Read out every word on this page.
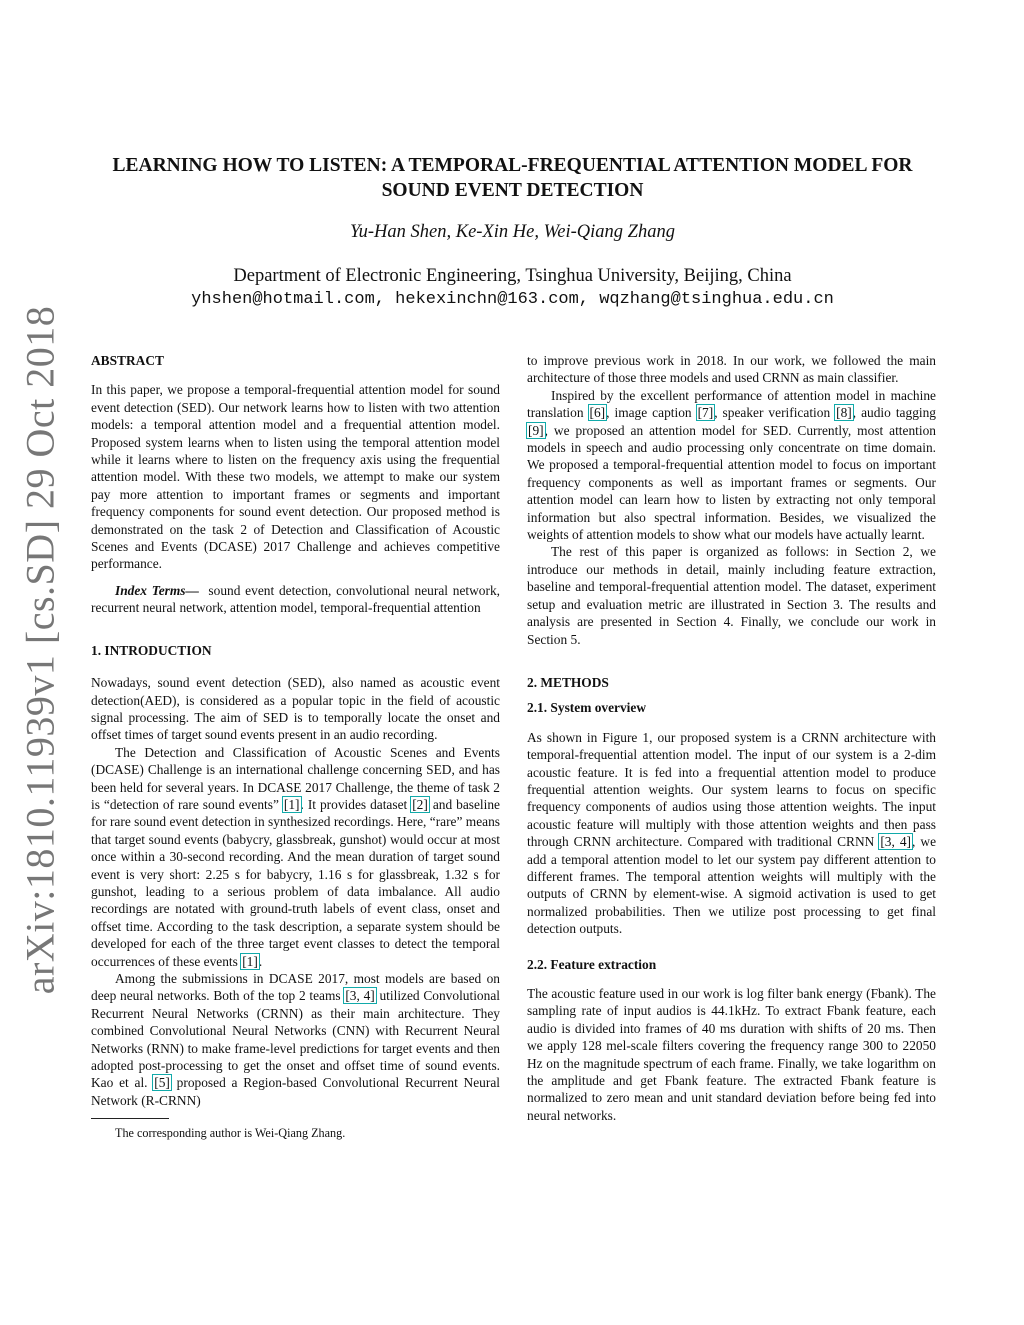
arXiv:1810.11939v1 [cs.SD] 29 Oct 2018
LEARNING HOW TO LISTEN: A TEMPORAL-FREQUENTIAL ATTENTION MODEL FOR SOUND EVENT DETECTION
Yu-Han Shen, Ke-Xin He, Wei-Qiang Zhang
Department of Electronic Engineering, Tsinghua University, Beijing, China
yhshen@hotmail.com, hekexinchn@163.com, wqzhang@tsinghua.edu.cn

ABSTRACT

In this paper, we propose a temporal-frequential attention model for sound event detection (SED). Our network learns how to listen with two attention models: a temporal attention model and a frequential attention model. Proposed system learns when to listen using the temporal attention model while it learns where to listen on the frequency axis using the frequential attention model. With these two models, we attempt to make our system pay more attention to important frames or segments and important frequency components for sound event detection. Our proposed method is demonstrated on the task 2 of Detection and Classification of Acoustic Scenes and Events (DCASE) 2017 Challenge and achieves competitive performance.

Index Terms— sound event detection, convolutional neural network, recurrent neural network, attention model, temporal-frequential attention

1. INTRODUCTION

Nowadays, sound event detection (SED), also named as acoustic event detection(AED), is considered as a popular topic in the field of acoustic signal processing. The aim of SED is to temporally locate the onset and offset times of target sound events present in an audio recording.

The Detection and Classification of Acoustic Scenes and Events (DCASE) Challenge is an international challenge concerning SED, and has been held for several years. In DCASE 2017 Challenge, the theme of task 2 is “detection of rare sound events” [1]. It provides dataset [2] and baseline for rare sound event detection in synthesized recordings. Here, “rare” means that target sound events (babycry, glassbreak, gunshot) would occur at most once within a 30-second recording. And the mean duration of target sound event is very short: 2.25 s for babycry, 1.16 s for glassbreak, 1.32 s for gunshot, leading to a serious problem of data imbalance. All audio recordings are notated with ground-truth labels of event class, onset and offset time. According to the task description, a separate system should be developed for each of the three target event classes to detect the temporal occurrences of these events [1].

Among the submissions in DCASE 2017, most models are based on deep neural networks. Both of the top 2 teams [3, 4] utilized Convolutional Recurrent Neural Networks (CRNN) as their main architecture. They combined Convolutional Neural Networks (CNN) with Recurrent Neural Networks (RNN) to make frame-level predictions for target events and then adopted post-processing to get the onset and offset time of sound events. Kao et al. [5] proposed a Region-based Convolutional Recurrent Neural Network (R-CRNN)

The corresponding author is Wei-Qiang Zhang.

to improve previous work in 2018. In our work, we followed the main architecture of those three models and used CRNN as main classifier.

Inspired by the excellent performance of attention model in machine translation [6], image caption [7], speaker verification [8], audio tagging [9], we proposed an attention model for SED. Currently, most attention models in speech and audio processing only concentrate on time domain. We proposed a temporal-frequential attention model to focus on important frequency components as well as important frames or segments. Our attention model can learn how to listen by extracting not only temporal information but also spectral information. Besides, we visualized the weights of attention models to show what our models have actually learnt.

The rest of this paper is organized as follows: in Section 2, we introduce our methods in detail, mainly including feature extraction, baseline and temporal-frequential attention model. The dataset, experiment setup and evaluation metric are illustrated in Section 3. The results and analysis are presented in Section 4. Finally, we conclude our work in Section 5.

2. METHODS

2.1. System overview

As shown in Figure 1, our proposed system is a CRNN architecture with temporal-frequential attention model. The input of our system is a 2-dim acoustic feature. It is fed into a frequential attention model to produce frequential attention weights. Our system learns to focus on specific frequency components of audios using those attention weights. The input acoustic feature will multiply with those attention weights and then pass through CRNN architecture. Compared with traditional CRNN [3, 4], we add a temporal attention model to let our system pay different attention to different frames. The temporal attention weights will multiply with the outputs of CRNN by element-wise. A sigmoid activation is used to get normalized probabilities. Then we utilize post processing to get final detection outputs.

2.2. Feature extraction

The acoustic feature used in our work is log filter bank energy (Fbank). The sampling rate of input audios is 44.1kHz. To extract Fbank feature, each audio is divided into frames of 40 ms duration with shifts of 20 ms. Then we apply 128 mel-scale filters covering the frequency range 300 to 22050 Hz on the magnitude spectrum of each frame. Finally, we take logarithm on the amplitude and get Fbank feature. The extracted Fbank feature is normalized to zero mean and unit standard deviation before being fed into neural networks.
